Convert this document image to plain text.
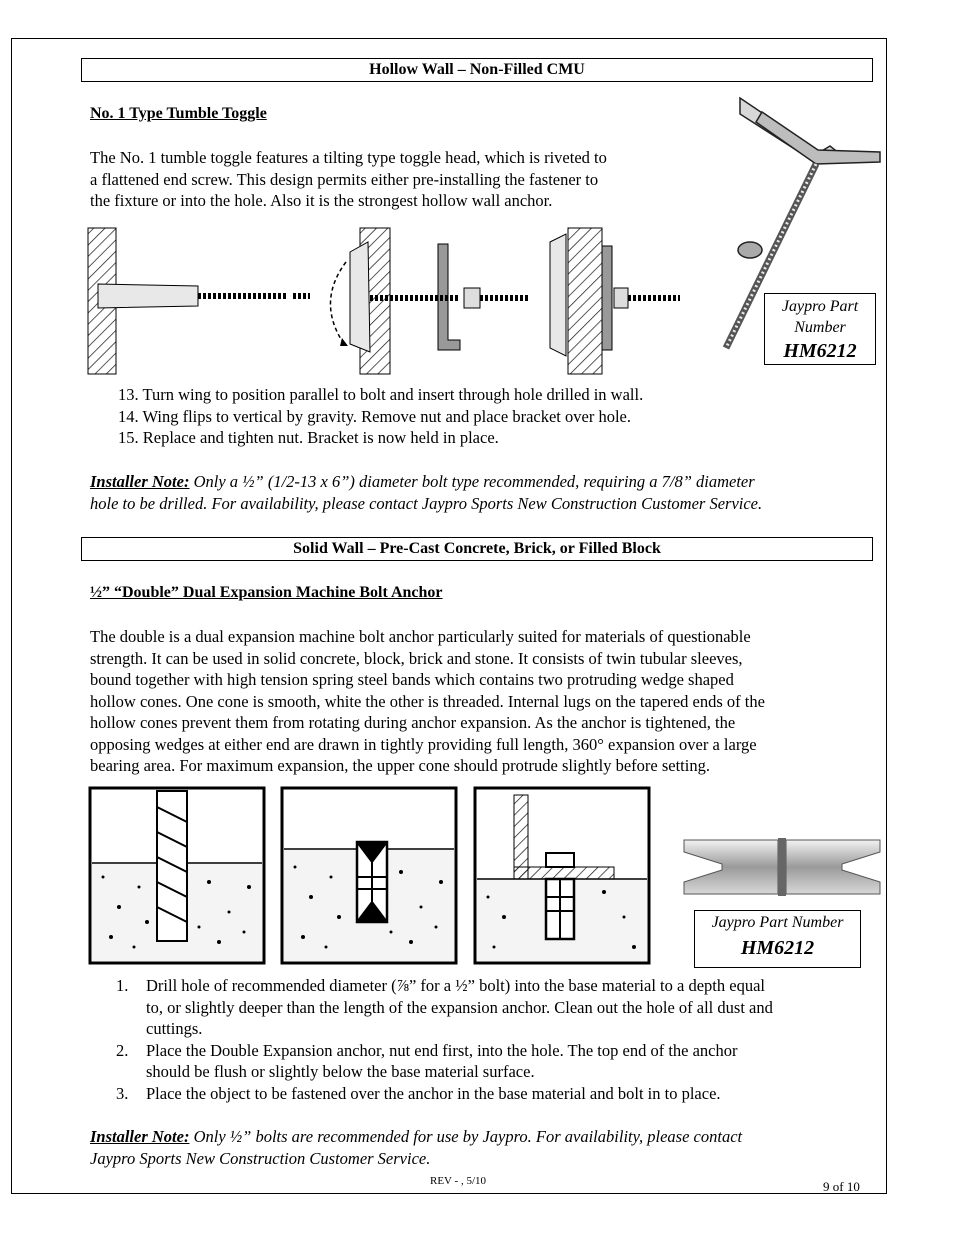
Hollow Wall – Non-Filled CMU
No. 1 Type Tumble Toggle
The No. 1 tumble toggle features a tilting type toggle head, which is riveted to
a flattened end screw. This design permits either pre-installing the fastener to
the fixture or into the hole. Also it is the strongest hollow wall anchor.
Jaypro Part
Number
HM6212
13. Turn wing to position parallel to bolt and insert through hole drilled in wall.
14. Wing flips to vertical by gravity. Remove nut and place bracket over hole.
15. Replace and tighten nut. Bracket is now held in place.
Installer Note: Only a ½” (1/2-13 x 6”) diameter bolt type recommended, requiring a 7/8” diameter
hole to be drilled. For availability, please contact Jaypro Sports New Construction Customer Service.
Solid Wall – Pre-Cast Concrete, Brick, or Filled Block
½” “Double” Dual Expansion Machine Bolt Anchor
The double is a dual expansion machine bolt anchor particularly suited for materials of questionable
strength. It can be used in solid concrete, block, brick and stone. It consists of twin tubular sleeves,
bound together with high tension spring steel bands which contains two protruding wedge shaped
hollow cones. One cone is smooth, white the other is threaded. Internal lugs on the tapered ends of the
hollow cones prevent them from rotating during anchor expansion. As the anchor is tightened, the
opposing wedges at either end are drawn in tightly providing full length, 360° expansion over a large
bearing area. For maximum expansion, the upper cone should protrude slightly before setting.
Jaypro Part Number
HM6212
1.	Drill hole of recommended diameter (⅞” for a ½” bolt) into the base material to a depth equal
to, or slightly deeper than the length of the expansion anchor. Clean out the hole of all dust and
cuttings.
2.	Place the Double Expansion anchor, nut end first, into the hole. The top end of the anchor
should be flush or slightly below the base material surface.
3.	Place the object to be fastened over the anchor in the base material and bolt in to place.
Installer Note: Only ½” bolts are recommended for use by Jaypro. For availability, please contact
Jaypro Sports New Construction Customer Service.
REV - , 5/10	9 of 10
